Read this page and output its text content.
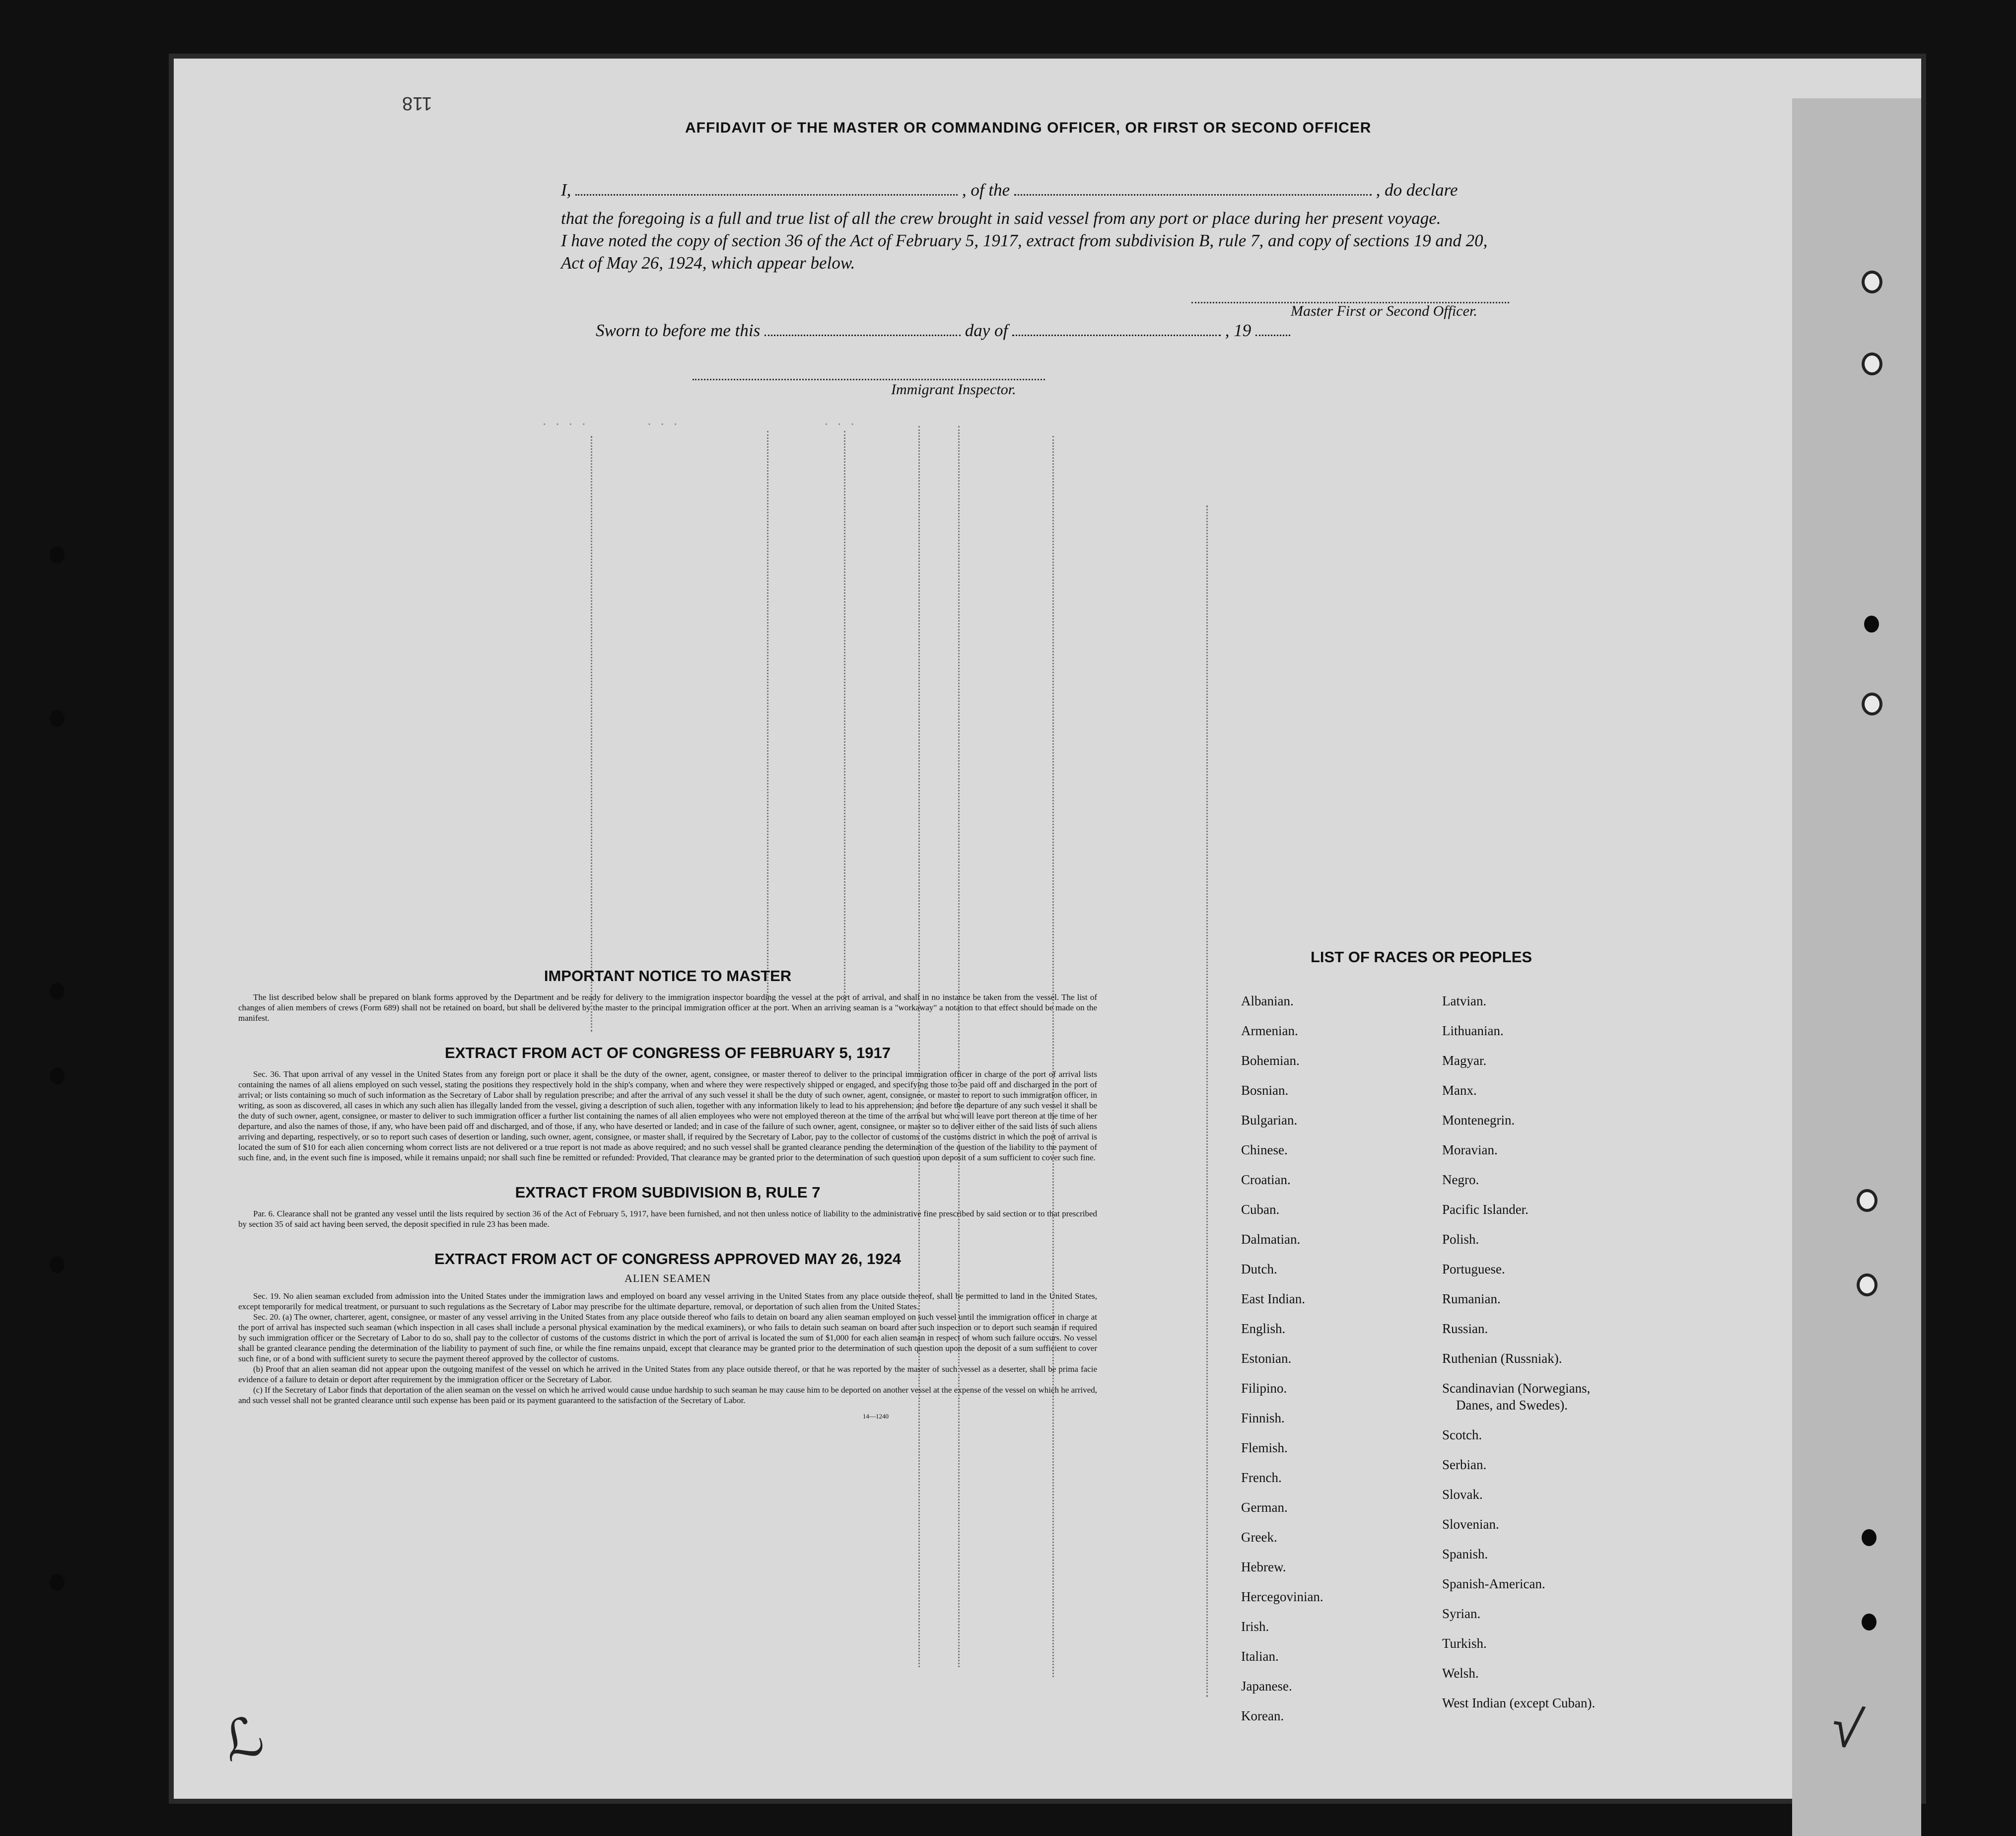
. . . .         . . .                      . . .
118
AFFIDAVIT OF THE MASTER OR COMMANDING OFFICER, OR FIRST OR SECOND OFFICER
I,	, of the	, do declare
that the foregoing is a full and true list of all the crew brought in said vessel from any port or place during her present voyage.
I have noted the copy of section 36 of the Act of February 5, 1917, extract from subdivision B, rule 7, and copy of sections 19 and 20,
Act of May 26, 1924, which appear below.
Master First or Second Officer.
Sworn to before me this	day of	, 19
Immigrant Inspector.
IMPORTANT NOTICE TO MASTER

The list described below shall be prepared on blank forms approved by the Department and be ready for delivery to the immigration inspector boarding the vessel at the port of arrival, and shall in no instance be taken from the vessel. The list of changes of alien members of crews (Form 689) shall not be retained on board, but shall be delivered by the master to the principal immigration officer at the port. When an arriving seaman is a "workaway" a notation to that effect should be made on the manifest.

EXTRACT FROM ACT OF CONGRESS OF FEBRUARY 5, 1917

Sec. 36. That upon arrival of any vessel in the United States from any foreign port or place it shall be the duty of the owner, agent, consignee, or master thereof to deliver to the principal immigration officer in charge of the port of arrival lists containing the names of all aliens employed on such vessel, stating the positions they respectively hold in the ship's company, when and where they were respectively shipped or engaged, and specifying those to be paid off and discharged in the port of arrival; or lists containing so much of such information as the Secretary of Labor shall by regulation prescribe; and after the arrival of any such vessel it shall be the duty of such owner, agent, consignee, or master to report to such immigration officer, in writing, as soon as discovered, all cases in which any such alien has illegally landed from the vessel, giving a description of such alien, together with any information likely to lead to his apprehension; and before the departure of any such vessel it shall be the duty of such owner, agent, consignee, or master to deliver to such immigration officer a further list containing the names of all alien employees who were not employed thereon at the time of the arrival but who will leave port thereon at the time of her departure, and also the names of those, if any, who have been paid off and discharged, and of those, if any, who have deserted or landed; and in case of the failure of such owner, agent, consignee, or master so to deliver either of the said lists of such aliens arriving and departing, respectively, or so to report such cases of desertion or landing, such owner, agent, consignee, or master shall, if required by the Secretary of Labor, pay to the collector of customs of the customs district in which the port of arrival is located the sum of $10 for each alien concerning whom correct lists are not delivered or a true report is not made as above required; and no such vessel shall be granted clearance pending the determination of the question of the liability to the payment of such fine, and, in the event such fine is imposed, while it remains unpaid; nor shall such fine be remitted or refunded: Provided, That clearance may be granted prior to the determination of such question upon deposit of a sum sufficient to cover such fine.

EXTRACT FROM SUBDIVISION B, RULE 7

Par. 6. Clearance shall not be granted any vessel until the lists required by section 36 of the Act of February 5, 1917, have been furnished, and not then unless notice of liability to the administrative fine prescribed by said section or to that prescribed by section 35 of said act having been served, the deposit specified in rule 23 has been made.

EXTRACT FROM ACT OF CONGRESS APPROVED MAY 26, 1924
ALIEN SEAMEN

Sec. 19. No alien seaman excluded from admission into the United States under the immigration laws and employed on board any vessel arriving in the United States from any place outside thereof, shall be permitted to land in the United States, except temporarily for medical treatment, or pursuant to such regulations as the Secretary of Labor may prescribe for the ultimate departure, removal, or deportation of such alien from the United States.

Sec. 20. (a) The owner, charterer, agent, consignee, or master of any vessel arriving in the United States from any place outside thereof who fails to detain on board any alien seaman employed on such vessel until the immigration officer in charge at the port of arrival has inspected such seaman (which inspection in all cases shall include a personal physical examination by the medical examiners), or who fails to detain such seaman on board after such inspection or to deport such seaman if required by such immigration officer or the Secretary of Labor to do so, shall pay to the collector of customs of the customs district in which the port of arrival is located the sum of $1,000 for each alien seaman in respect of whom such failure occurs. No vessel shall be granted clearance pending the determination of the liability to payment of such fine, or while the fine remains unpaid, except that clearance may be granted prior to the determination of such question upon the deposit of a sum sufficient to cover such fine, or of a bond with sufficient surety to secure the payment thereof approved by the collector of customs.

(b) Proof that an alien seaman did not appear upon the outgoing manifest of the vessel on which he arrived in the United States from any place outside thereof, or that he was reported by the master of such vessel as a deserter, shall be prima facie evidence of a failure to detain or deport after requirement by the immigration officer or the Secretary of Labor.

(c) If the Secretary of Labor finds that deportation of the alien seaman on the vessel on which he arrived would cause undue hardship to such seaman he may cause him to be deported on another vessel at the expense of the vessel on which he arrived, and such vessel shall not be granted clearance until such expense has been paid or its payment guaranteed to the satisfaction of the Secretary of Labor.

14—1240
LIST OF RACES OR PEOPLES
Albanian.
Armenian.
Bohemian.
Bosnian.
Bulgarian.
Chinese.
Croatian.
Cuban.
Dalmatian.
Dutch.
East Indian.
English.
Estonian.
Filipino.
Finnish.
Flemish.
French.
German.
Greek.
Hebrew.
Hercegovinian.
Irish.
Italian.
Japanese.
Korean.
Latvian.
Lithuanian.
Magyar.
Manx.
Montenegrin.
Moravian.
Negro.
Pacific Islander.
Polish.
Portuguese.
Rumanian.
Russian.
Ruthenian (Russniak).
Scandinavian (Norwegians,
Danes, and Swedes).
Scotch.
Serbian.
Slovak.
Slovenian.
Spanish.
Spanish-American.
Syrian.
Turkish.
Welsh.
West Indian (except Cuban).
ℒ	√
